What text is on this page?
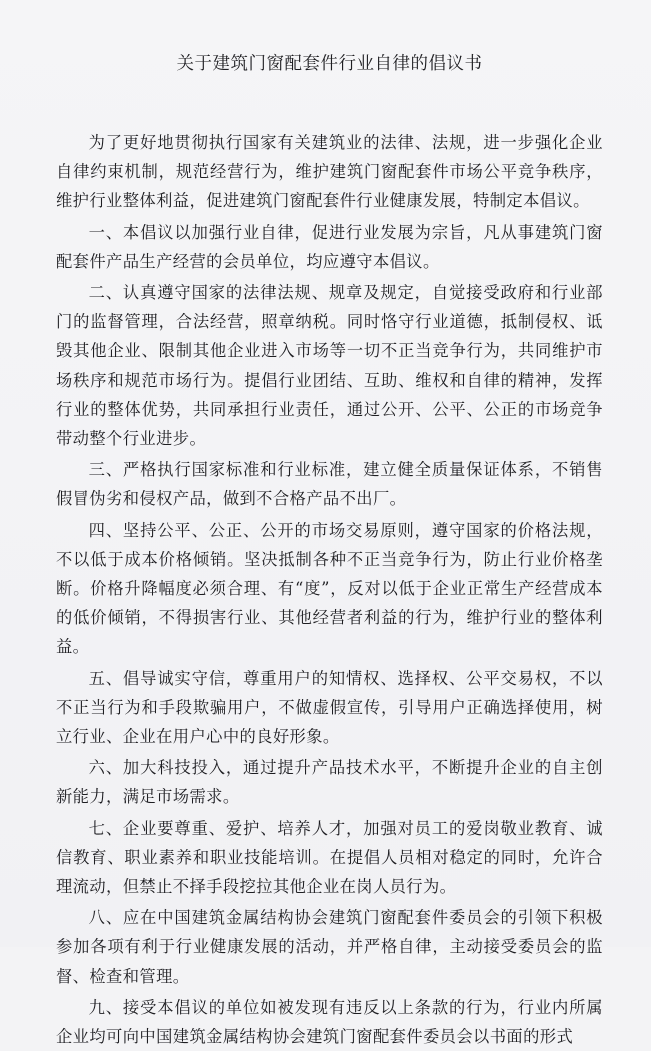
关于建筑门窗配套件行业自律的倡议书

为了更好地贯彻执行国家有关建筑业的法律、法规，进一步强化企业自律约束机制，规范经营行为，维护建筑门窗配套件市场公平竞争秩序，维护行业整体利益，促进建筑门窗配套件行业健康发展，特制定本倡议。

一、本倡议以加强行业自律，促进行业发展为宗旨，凡从事建筑门窗配套件产品生产经营的会员单位，均应遵守本倡议。

二、认真遵守国家的法律法规、规章及规定，自觉接受政府和行业部门的监督管理，合法经营，照章纳税。同时恪守行业道德，抵制侵权、诋毁其他企业、限制其他企业进入市场等一切不正当竞争行为，共同维护市场秩序和规范市场行为。提倡行业团结、互助、维权和自律的精神，发挥行业的整体优势，共同承担行业责任，通过公开、公平、公正的市场竞争带动整个行业进步。

三、严格执行国家标准和行业标准，建立健全质量保证体系，不销售假冒伪劣和侵权产品，做到不合格产品不出厂。

四、坚持公平、公正、公开的市场交易原则，遵守国家的价格法规，不以低于成本价格倾销。坚决抵制各种不正当竞争行为，防止行业价格垄断。价格升降幅度必须合理、有“度”，反对以低于企业正常生产经营成本的低价倾销，不得损害行业、其他经营者利益的行为，维护行业的整体利益。

五、倡导诚实守信，尊重用户的知情权、选择权、公平交易权，不以不正当行为和手段欺骗用户，不做虚假宣传，引导用户正确选择使用，树立行业、企业在用户心中的良好形象。

六、加大科技投入，通过提升产品技术水平，不断提升企业的自主创新能力，满足市场需求。

七、企业要尊重、爱护、培养人才，加强对员工的爱岗敬业教育、诚信教育、职业素养和职业技能培训。在提倡人员相对稳定的同时，允许合理流动，但禁止不择手段挖拉其他企业在岗人员行为。

八、应在中国建筑金属结构协会建筑门窗配套件委员会的引领下积极参加各项有利于行业健康发展的活动，并严格自律，主动接受委员会的监督、检查和管理。

九、接受本倡议的单位如被发现有违反以上条款的行为，行业内所属企业均可向中国建筑金属结构协会建筑门窗配套件委员会以书面的形式
